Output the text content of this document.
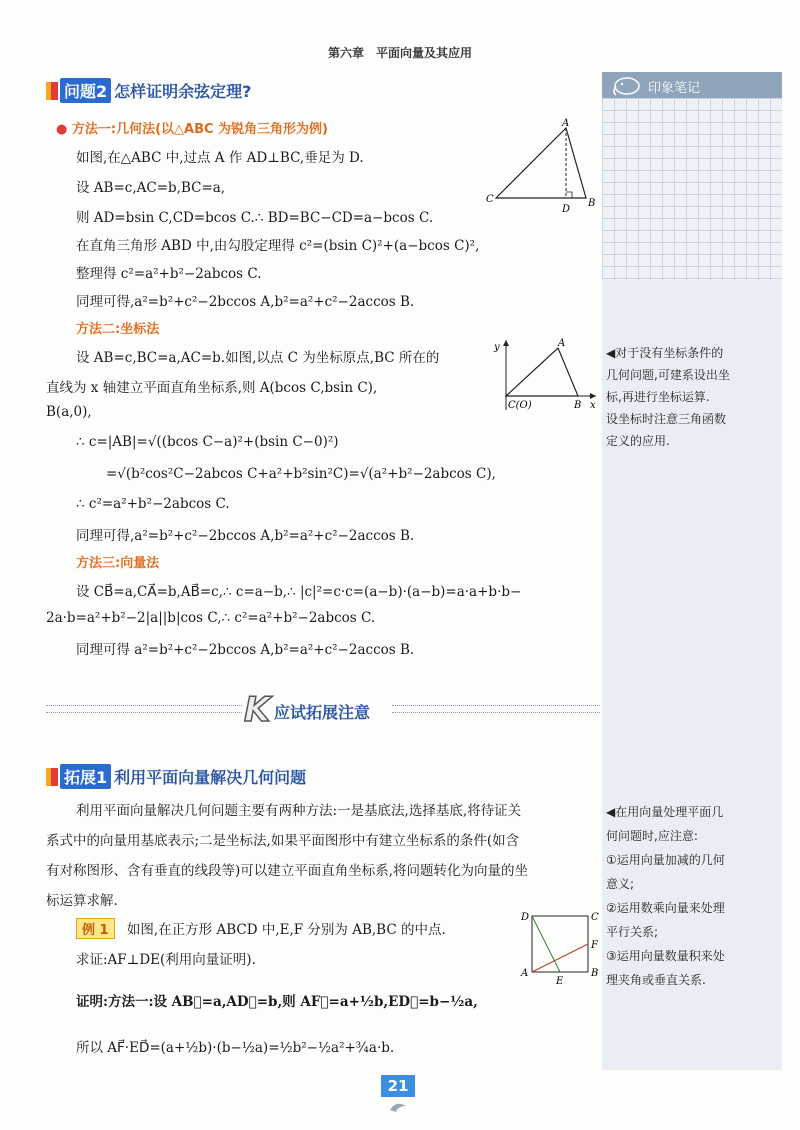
第六章　平面向量及其应用
印象笔记
问题2 怎样证明余弦定理?
● 方法一:几何法(以△ABC 为锐角三角形为例)
如图,在△ABC 中,过点 A 作 AD⊥BC,垂足为 D.
设 AB=c,AC=b,BC=a,
则 AD=bsin C,CD=bcos C.∴ BD=BC−CD=a−bcos C.
在直角三角形 ABD 中,由勾股定理得 c²=(bsin C)²+(a−bcos C)²,
整理得 c²=a²+b²−2abcos C.
同理可得,a²=b²+c²−2bccos A,b²=a²+c²−2accos B.
A
C
D
B
方法二:坐标法
设 AB=c,BC=a,AC=b.如图,以点 C 为坐标原点,BC 所在的
直线为 x 轴建立平面直角坐标系,则 A(bcos C,bsin C),
B(a,0),
∴ c=|AB|=√((bcos C−a)²+(bsin C−0)²)
=√(b²cos²C−2abcos C+a²+b²sin²C)=√(a²+b²−2abcos C),
∴ c²=a²+b²−2abcos C.
同理可得,a²=b²+c²−2bccos A,b²=a²+c²−2accos B.
y
x
A
B
C(O)
◀对于没有坐标条件的
几何问题,可建系设出坐
标,再进行坐标运算.
设坐标时注意三角函数
定义的应用.
方法三:向量法
设 CB⃗=a,CA⃗=b,AB⃗=c,∴ c=a−b,∴ |c|²=c·c=(a−b)·(a−b)=a·a+b·b−
2a·b=a²+b²−2|a||b|cos C,∴ c²=a²+b²−2abcos C.
同理可得 a²=b²+c²−2bccos A,b²=a²+c²−2accos B.
K 应试拓展注意
拓展1 利用平面向量解决几何问题
利用平面向量解决几何问题主要有两种方法:一是基底法,选择基底,将待证关
系式中的向量用基底表示;二是坐标法,如果平面图形中有建立坐标系的条件(如含
有对称图形、含有垂直的线段等)可以建立平面直角坐标系,将问题转化为向量的坐
标运算求解.
◀在用向量处理平面几
何问题时,应注意:
①运用向量加减的几何
意义;
②运用数乘向量来处理
平行关系;
③运用向量数量积来处
理夹角或垂直关系.
例 1 如图,在正方形 ABCD 中,E,F 分别为 AB,BC 的中点.
求证:AF⊥DE(利用向量证明).
D	C
F
A
E
B
证明:方法一:设 AB⃗=a,AD⃗=b,则 AF⃗=a+½b,ED⃗=b−½a,
所以 AF⃗·ED⃗=(a+½b)·(b−½a)=½b²−½a²+¾a·b.
21
